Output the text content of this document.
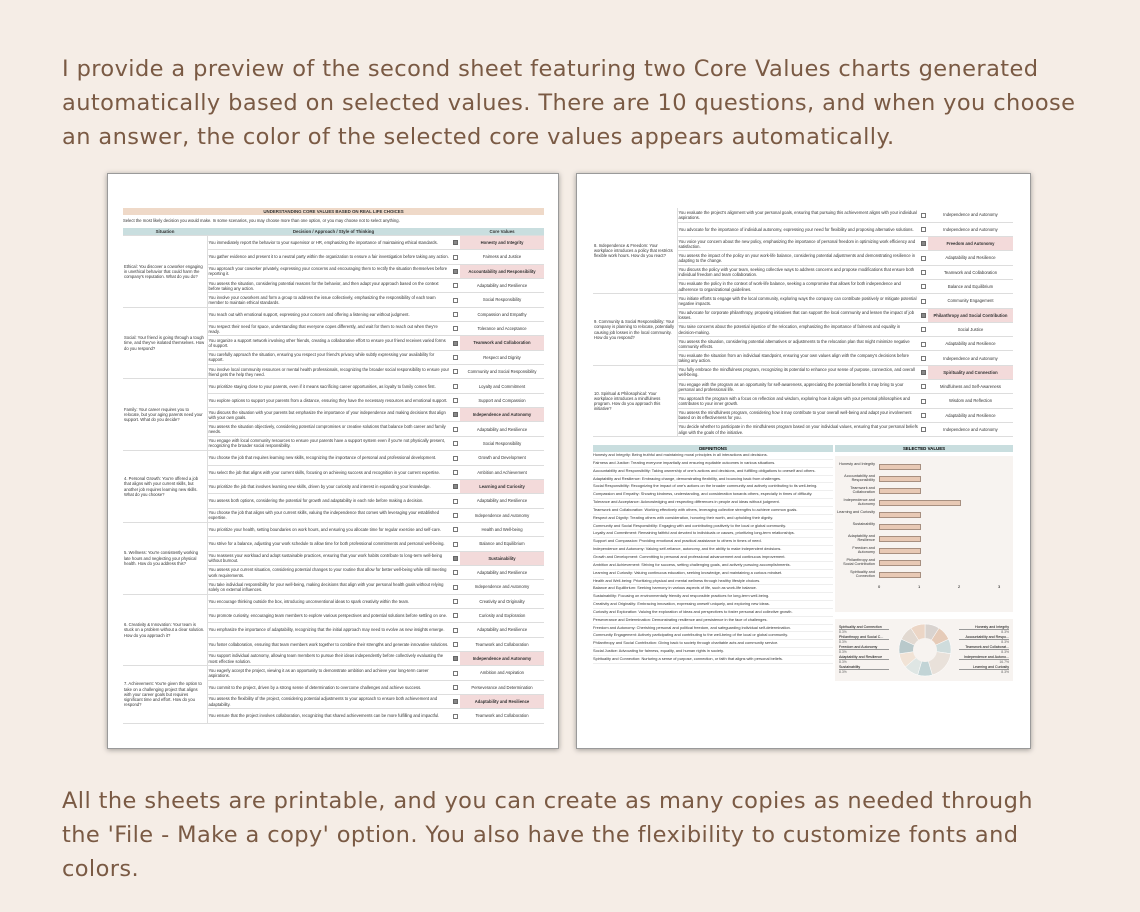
I provide a preview of the second sheet featuring two Core Values charts generated automatically based on selected values. There are 10 questions, and when you choose an answer, the color of the selected core values appears automatically.
UNDERSTANDING CORE VALUES BASED ON REAL LIFE CHOICES
Select the most likely decision you would make. In some scenarios, you may choose more than one option, or you may choose not to select anything.
Situation	Decision / Approach / Style of Thinking		Core Values
Ethical: You discover a coworker engaging in unethical behavior that could harm the company's reputation. What do you do?	You immediately report the behavior to your supervisor or HR, emphasizing the importance of maintaining ethical standards.		Honesty and Integrity
	You gather evidence and present it to a neutral party within the organization to ensure a fair investigation before taking any action.		Fairness and Justice
	You approach your coworker privately, expressing your concerns and encouraging them to rectify the situation themselves before reporting it.		Accountability and Responsibility
	You assess the situation, considering potential reasons for the behavior, and then adapt your approach based on the context before taking any action.		Adaptability and Resilience
	You involve your coworkers and form a group to address the issue collectively, emphasizing the responsibility of each team member to maintain ethical standards.		Social Responsibility
Social: Your friend is going through a tough time, and they've isolated themselves. How do you respond?	You reach out with emotional support, expressing your concern and offering a listening ear without judgment.		Compassion and Empathy
	You respect their need for space, understanding that everyone copes differently, and wait for them to reach out when they're ready.		Tolerance and Acceptance
	You organize a support network involving other friends, creating a collaborative effort to ensure your friend receives varied forms of support.		Teamwork and Collaboration
	You carefully approach the situation, ensuring you respect your friend's privacy while subtly expressing your availability for support.		Respect and Dignity
	You involve local community resources or mental health professionals, recognizing the broader social responsibility to ensure your friend gets the help they need.		Community and Social Responsibility
Family: Your career requires you to relocate, but your aging parents need your support. What do you decide?	You prioritize staying close to your parents, even if it means sacrificing career opportunities, as loyalty to family comes first.		Loyalty and Commitment
	You explore options to support your parents from a distance, ensuring they have the necessary resources and emotional support.		Support and Compassion
	You discuss the situation with your parents but emphasize the importance of your independence and making decisions that align with your own goals.		Independence and Autonomy
	You assess the situation objectively, considering potential compromises or creative solutions that balance both career and family needs.		Adaptability and Resilience
	You engage with local community resources to ensure your parents have a support system even if you're not physically present, recognizing the broader social responsibility.		Social Responsibility
4. Personal Growth: You're offered a job that aligns with your current skills, but another job requires learning new skills. What do you choose?	You choose the job that requires learning new skills, recognizing the importance of personal and professional development.		Growth and Development
	You select the job that aligns with your current skills, focusing on achieving success and recognition in your current expertise.		Ambition and Achievement
	You prioritize the job that involves learning new skills, driven by your curiosity and interest in expanding your knowledge.		Learning and Curiosity
	You assess both options, considering the potential for growth and adaptability in each role before making a decision.		Adaptability and Resilience
	You choose the job that aligns with your current skills, valuing the independence that comes with leveraging your established expertise.		Independence and Autonomy
5. Wellness: You're consistently working late hours and neglecting your physical health. How do you address this?	You prioritize your health, setting boundaries on work hours, and ensuring you allocate time for regular exercise and self-care.		Health and Well-being
	You strive for a balance, adjusting your work schedule to allow time for both professional commitments and personal well-being.		Balance and Equilibrium
	You reassess your workload and adopt sustainable practices, ensuring that your work habits contribute to long-term well-being without burnout.		Sustainability
	You assess your current situation, considering potential changes to your routine that allow for better well-being while still meeting work requirements.		Adaptability and Resilience
	You take individual responsibility for your well-being, making decisions that align with your personal health goals without relying solely on external influences.		Independence and Autonomy
6. Creativity & Innovation: Your team is stuck on a problem without a clear solution. How do you approach it?	You encourage thinking outside the box, introducing unconventional ideas to spark creativity within the team.		Creativity and Originality
	You promote curiosity, encouraging team members to explore various perspectives and potential solutions before settling on one.		Curiosity and Exploration
	You emphasize the importance of adaptability, recognizing that the initial approach may need to evolve as new insights emerge.		Adaptability and Resilience
	You foster collaboration, ensuring that team members work together to combine their strengths and generate innovative solutions.		Teamwork and Collaboration
	You support individual autonomy, allowing team members to pursue their ideas independently before collectively evaluating the most effective solution.		Independence and Autonomy
7. Achievement: You're given the option to take on a challenging project that aligns with your career goals but requires significant time and effort. How do you respond?	You eagerly accept the project, viewing it as an opportunity to demonstrate ambition and achieve your long-term career aspirations.		Ambition and Aspiration
	You commit to the project, driven by a strong sense of determination to overcome challenges and achieve success.		Perseverance and Determination
	You assess the flexibility of the project, considering potential adjustments to your approach to ensure both achievement and adaptability.		Adaptability and Resilience
	You ensure that the project involves collaboration, recognizing that shared achievements can be more fulfilling and impactful.		Teamwork and Collaboration
8. Independence & Freedom: Your workplace introduces a policy that restricts flexible work hours. How do you react?	You evaluate the project's alignment with your personal goals, ensuring that pursuing this achievement aligns with your individual aspirations.		Independence and Autonomy
	You advocate for the importance of individual autonomy, expressing your need for flexibility and proposing alternative solutions.		Independence and Autonomy
	You voice your concern about the new policy, emphasizing the importance of personal freedom in optimizing work efficiency and satisfaction.		Freedom and Autonomy
	You assess the impact of the policy on your work-life balance, considering potential adjustments and demonstrating resilience in adapting to the change.		Adaptability and Resilience
	You discuss the policy with your team, seeking collective ways to address concerns and propose modifications that ensure both individual freedom and team collaboration.		Teamwork and Collaboration
	You evaluate the policy in the context of work-life balance, seeking a compromise that allows for both independence and adherence to organizational guidelines.		Balance and Equilibrium
9. Community & Social Responsibility: Your company is planning to relocate, potentially causing job losses in the local community. How do you respond?	You initiate efforts to engage with the local community, exploring ways the company can contribute positively or mitigate potential negative impacts.		Community Engagement
	You advocate for corporate philanthropy, proposing initiatives that can support the local community and lessen the impact of job losses.		Philanthropy and Social Contribution
	You raise concerns about the potential injustice of the relocation, emphasizing the importance of fairness and equality in decision-making.		Social Justice
	You assess the situation, considering potential alternatives or adjustments to the relocation plan that might minimize negative community effects.		Adaptability and Resilience
	You evaluate the situation from an individual standpoint, ensuring your own values align with the company's decisions before taking any action.		Independence and Autonomy
10. Spiritual & Philosophical: Your workplace introduces a mindfulness program. How do you approach this initiative?	You fully embrace the mindfulness program, recognizing its potential to enhance your sense of purpose, connection, and overall well-being.		Spirituality and Connection
	You engage with the program as an opportunity for self-awareness, appreciating the potential benefits it may bring to your personal and professional life.		Mindfulness and Self-Awareness
	You approach the program with a focus on reflection and wisdom, exploring how it aligns with your personal philosophies and contributes to your inner growth.		Wisdom and Reflection
	You assess the mindfulness program, considering how it may contribute to your overall well-being and adapt your involvement based on its effectiveness for you.		Adaptability and Resilience
	You decide whether to participate in the mindfulness program based on your individual values, ensuring that your personal beliefs align with the goals of the initiative.		Independence and Autonomy
DEFINITIONS
Honesty and Integrity: Being truthful and maintaining moral principles in all interactions and decisions.
Fairness and Justice: Treating everyone impartially and ensuring equitable outcomes in various situations.
Accountability and Responsibility: Taking ownership of one's actions and decisions, and fulfilling obligations to oneself and others.
Adaptability and Resilience: Embracing change, demonstrating flexibility, and bouncing back from challenges.
Social Responsibility: Recognizing the impact of one's actions on the broader community and actively contributing to its well-being.
Compassion and Empathy: Showing kindness, understanding, and consideration towards others, especially in times of difficulty.
Tolerance and Acceptance: Acknowledging and respecting differences in people and ideas without judgment.
Teamwork and Collaboration: Working effectively with others, leveraging collective strengths to achieve common goals.
Respect and Dignity: Treating others with consideration, honoring their worth, and upholding their dignity.
Community and Social Responsibility: Engaging with and contributing positively to the local or global community.
Loyalty and Commitment: Remaining faithful and devoted to individuals or causes, prioritizing long-term relationships.
Support and Compassion: Providing emotional and practical assistance to others in times of need.
Independence and Autonomy: Valuing self-reliance, autonomy, and the ability to make independent decisions.
Growth and Development: Committing to personal and professional advancement and continuous improvement.
Ambition and Achievement: Striving for success, setting challenging goals, and actively pursuing accomplishments.
Learning and Curiosity: Valuing continuous education, seeking knowledge, and maintaining a curious mindset.
Health and Well-being: Prioritizing physical and mental wellness through healthy lifestyle choices.
Balance and Equilibrium: Seeking harmony in various aspects of life, such as work-life balance.
Sustainability: Focusing on environmentally friendly and responsible practices for long-term well-being.
Creativity and Originality: Embracing innovation, expressing oneself uniquely, and exploring new ideas.
Curiosity and Exploration: Valuing the exploration of ideas and perspectives to foster personal and collective growth.
Perseverance and Determination: Demonstrating resilience and persistence in the face of challenges.
Freedom and Autonomy: Cherishing personal and political freedom, and safeguarding individual self-determination.
Community Engagement: Actively participating and contributing to the well-being of the local or global community.
Philanthropy and Social Contribution: Giving back to society through charitable acts and community service.
Social Justice: Advocating for fairness, equality, and human rights in society.
Spirituality and Connection: Nurturing a sense of purpose, connection, or faith that aligns with personal beliefs.
SELECTED VALUES
Honesty and Integrity
Accountability and Responsibility
Teamwork and Collaboration
Independence and Autonomy
Learning and Curiosity
Sustainability
Adaptability and Resilience
Freedom and Autonomy
Philanthropy and Social Contribution
Spirituality and Connection
0	1	2	3
Spirituality and Connection
8.3%
Philanthropy and Social C...
8.3%
Freedom and Autonomy
8.3%
Adaptability and Resilience
8.3%
Sustainability
8.3%
Honesty and Integrity
8.3%
Accountability and Respo...
8.3%
Teamwork and Collaborat...
8.3%
Independence and Autono...
16.7%
Learning and Curiosity
8.3%
All the sheets are printable, and you can create as many copies as needed through the 'File - Make a copy' option. You also have the flexibility to customize fonts and colors.
